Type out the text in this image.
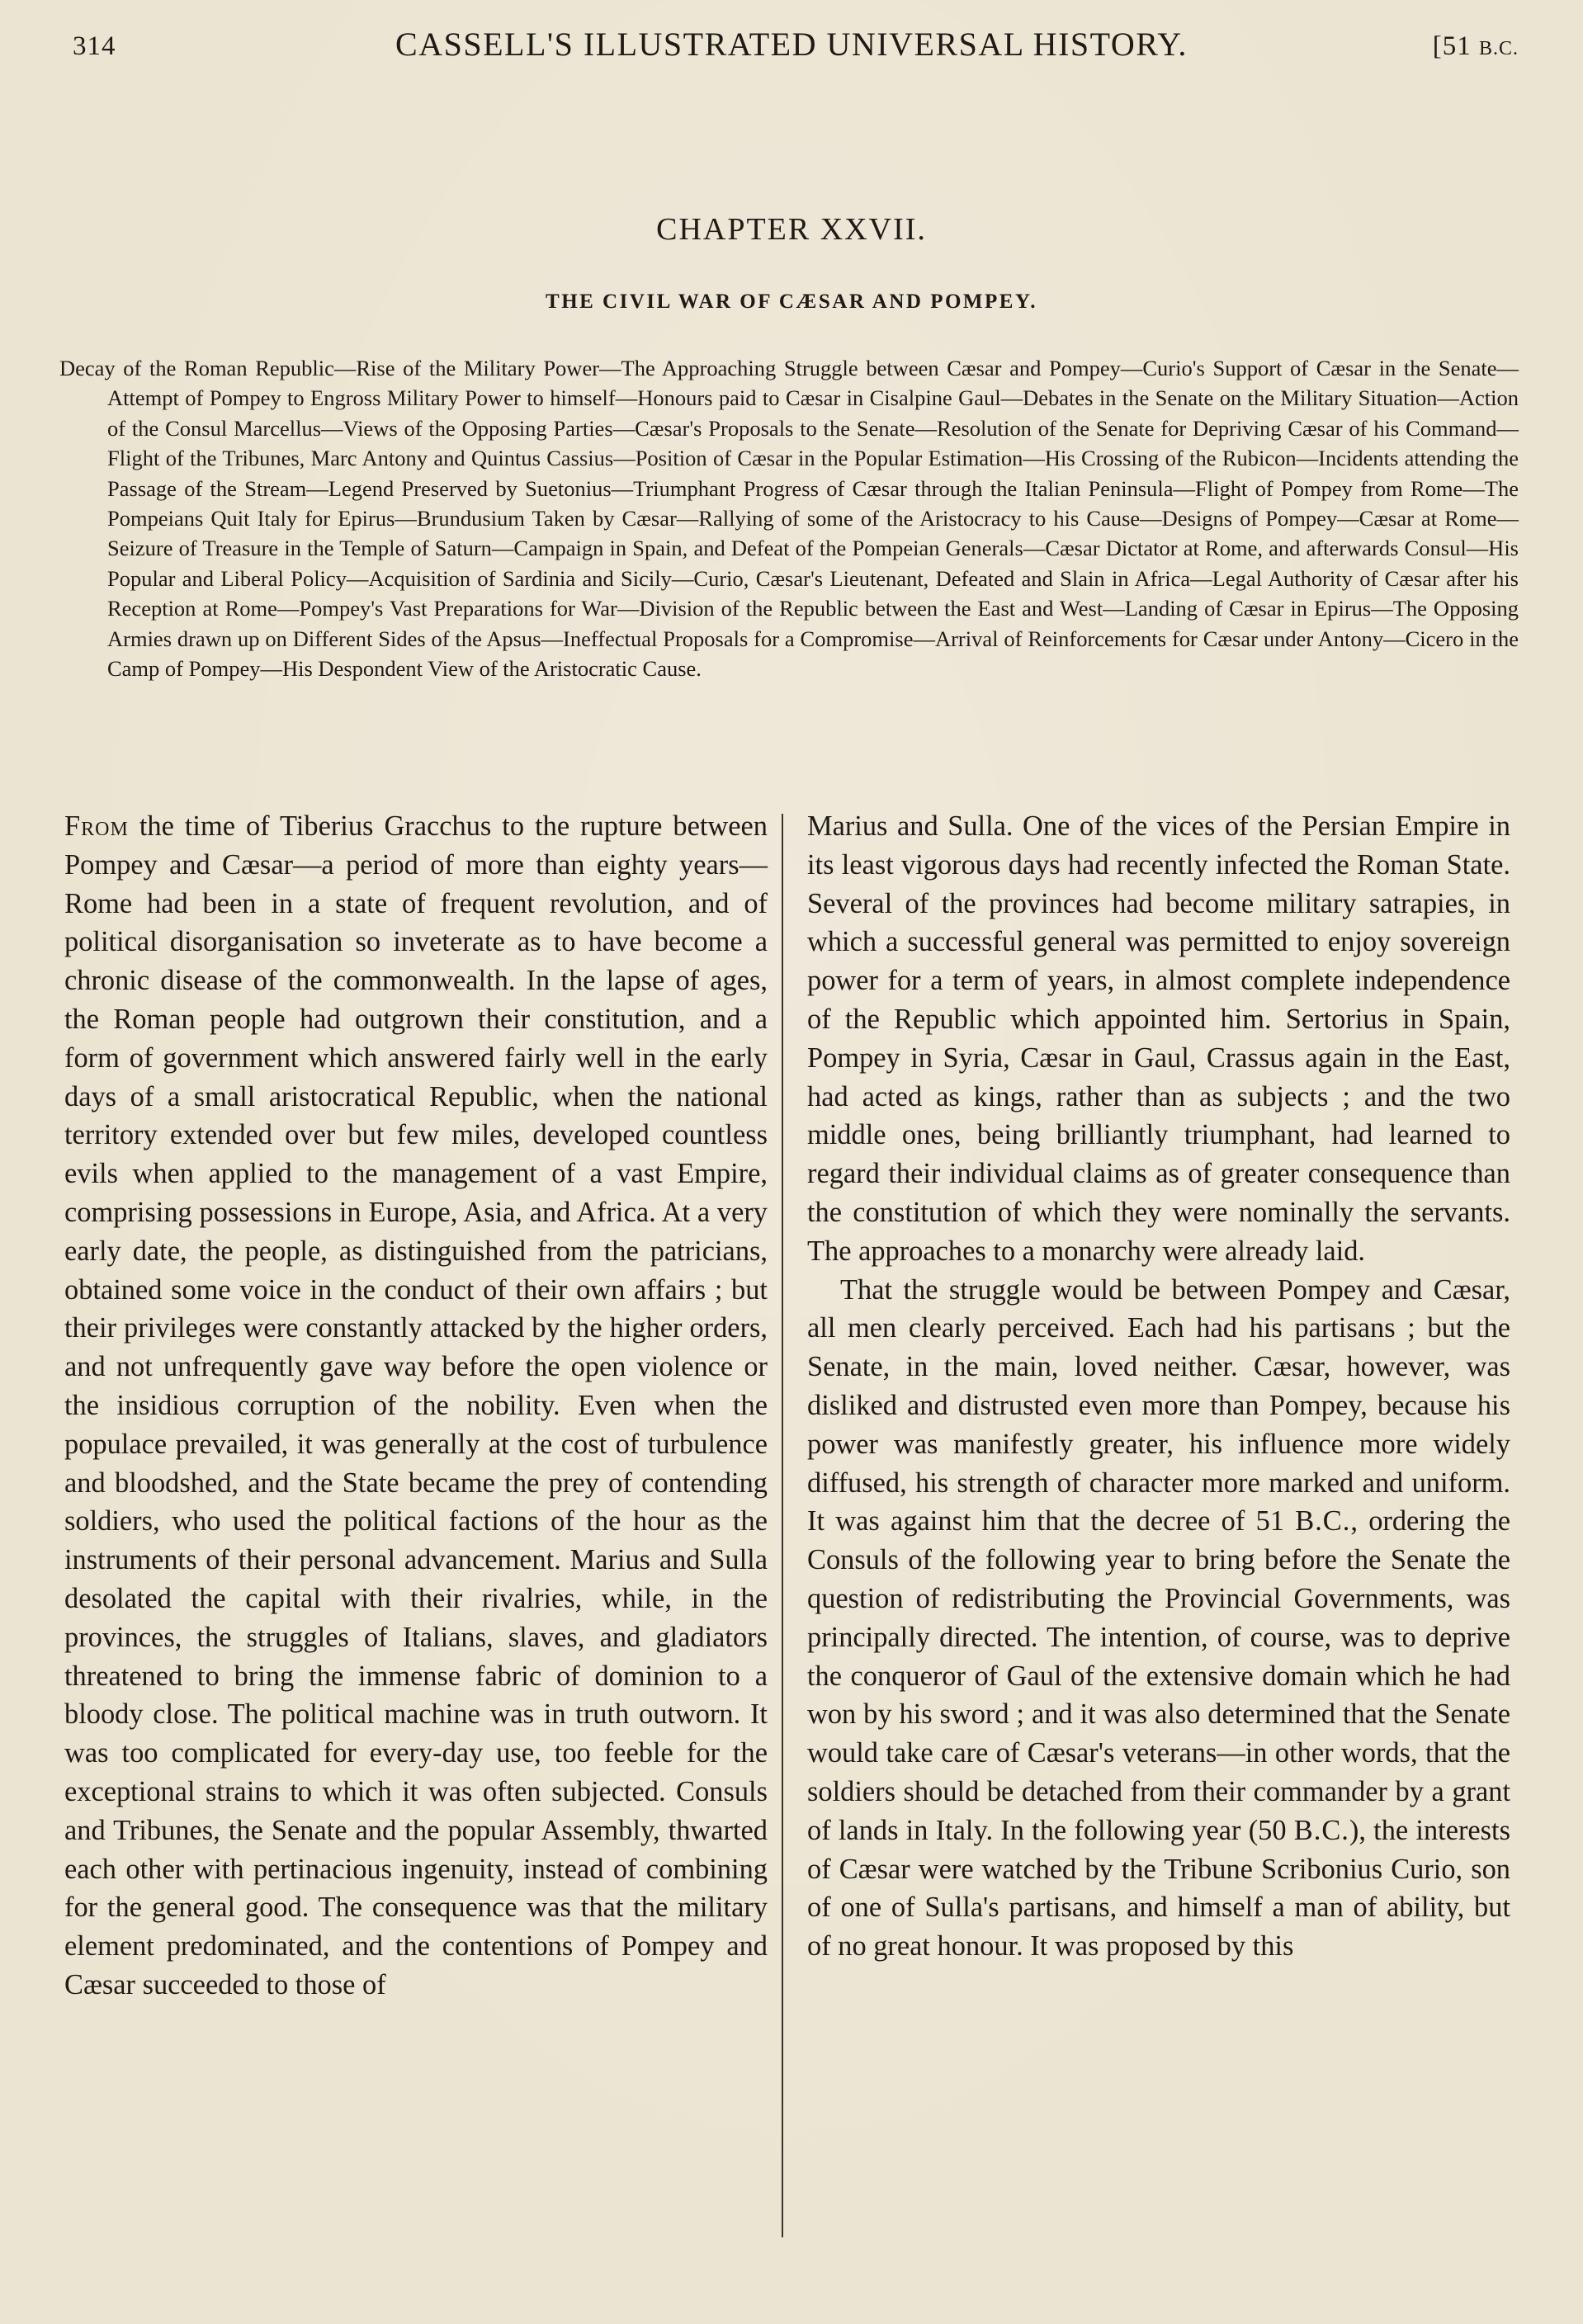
314	CASSELL'S ILLUSTRATED UNIVERSAL HISTORY.	[51 B.C.
CHAPTER XXVII.
THE CIVIL WAR OF CÆSAR AND POMPEY.
Decay of the Roman Republic—Rise of the Military Power—The Approaching Struggle between Cæsar and Pompey—Curio's Support of Cæsar in the Senate—Attempt of Pompey to Engross Military Power to himself—Honours paid to Cæsar in Cisalpine Gaul—Debates in the Senate on the Military Situation—Action of the Consul Marcellus—Views of the Opposing Parties—Cæsar's Proposals to the Senate—Resolution of the Senate for Depriving Cæsar of his Command—Flight of the Tribunes, Marc Antony and Quintus Cassius—Position of Cæsar in the Popular Estimation—His Crossing of the Rubicon—Incidents attending the Passage of the Stream—Legend Preserved by Suetonius—Triumphant Progress of Cæsar through the Italian Peninsula—Flight of Pompey from Rome—The Pompeians Quit Italy for Epirus—Brundusium Taken by Cæsar—Rallying of some of the Aristocracy to his Cause—Designs of Pompey—Cæsar at Rome—Seizure of Treasure in the Temple of Saturn—Campaign in Spain, and Defeat of the Pompeian Generals—Cæsar Dictator at Rome, and afterwards Consul—His Popular and Liberal Policy—Acquisition of Sardinia and Sicily—Curio, Cæsar's Lieutenant, Defeated and Slain in Africa—Legal Authority of Cæsar after his Reception at Rome—Pompey's Vast Preparations for War—Division of the Republic between the East and West—Landing of Cæsar in Epirus—The Opposing Armies drawn up on Different Sides of the Apsus—Ineffectual Proposals for a Compromise—Arrival of Reinforcements for Cæsar under Antony—Cicero in the Camp of Pompey—His Despondent View of the Aristocratic Cause.

From the time of Tiberius Gracchus to the rupture between Pompey and Cæsar—a period of more than eighty years—Rome had been in a state of frequent revolution, and of political disorganisation so inveterate as to have become a chronic disease of the commonwealth. In the lapse of ages, the Roman people had outgrown their constitution, and a form of government which answered fairly well in the early days of a small aristocratical Republic, when the national territory extended over but few miles, developed countless evils when applied to the management of a vast Empire, comprising possessions in Europe, Asia, and Africa. At a very early date, the people, as distinguished from the patricians, obtained some voice in the conduct of their own affairs ; but their privileges were constantly attacked by the higher orders, and not unfrequently gave way before the open violence or the insidious corruption of the nobility. Even when the populace prevailed, it was generally at the cost of turbulence and bloodshed, and the State became the prey of contending soldiers, who used the political factions of the hour as the instruments of their personal advancement. Marius and Sulla desolated the capital with their rivalries, while, in the provinces, the struggles of Italians, slaves, and gladiators threatened to bring the immense fabric of dominion to a bloody close. The political machine was in truth outworn. It was too complicated for every-day use, too feeble for the exceptional strains to which it was often subjected. Consuls and Tribunes, the Senate and the popular Assembly, thwarted each other with pertinacious ingenuity, instead of combining for the general good. The consequence was that the military element predominated, and the contentions of Pompey and Cæsar succeeded to those of

Marius and Sulla. One of the vices of the Persian Empire in its least vigorous days had recently infected the Roman State. Several of the provinces had become military satrapies, in which a successful general was permitted to enjoy sovereign power for a term of years, in almost complete independence of the Republic which appointed him. Sertorius in Spain, Pompey in Syria, Cæsar in Gaul, Crassus again in the East, had acted as kings, rather than as subjects ; and the two middle ones, being brilliantly triumphant, had learned to regard their individual claims as of greater consequence than the constitution of which they were nominally the servants. The approaches to a monarchy were already laid.

That the struggle would be between Pompey and Cæsar, all men clearly perceived. Each had his partisans ; but the Senate, in the main, loved neither. Cæsar, however, was disliked and distrusted even more than Pompey, because his power was manifestly greater, his influence more widely diffused, his strength of character more marked and uniform. It was against him that the decree of 51 B.C., ordering the Consuls of the following year to bring before the Senate the question of redistributing the Provincial Governments, was principally directed. The intention, of course, was to deprive the conqueror of Gaul of the extensive domain which he had won by his sword ; and it was also determined that the Senate would take care of Cæsar's veterans—in other words, that the soldiers should be detached from their commander by a grant of lands in Italy. In the following year (50 B.C.), the interests of Cæsar were watched by the Tribune Scribonius Curio, son of one of Sulla's partisans, and himself a man of ability, but of no great honour. It was proposed by this
